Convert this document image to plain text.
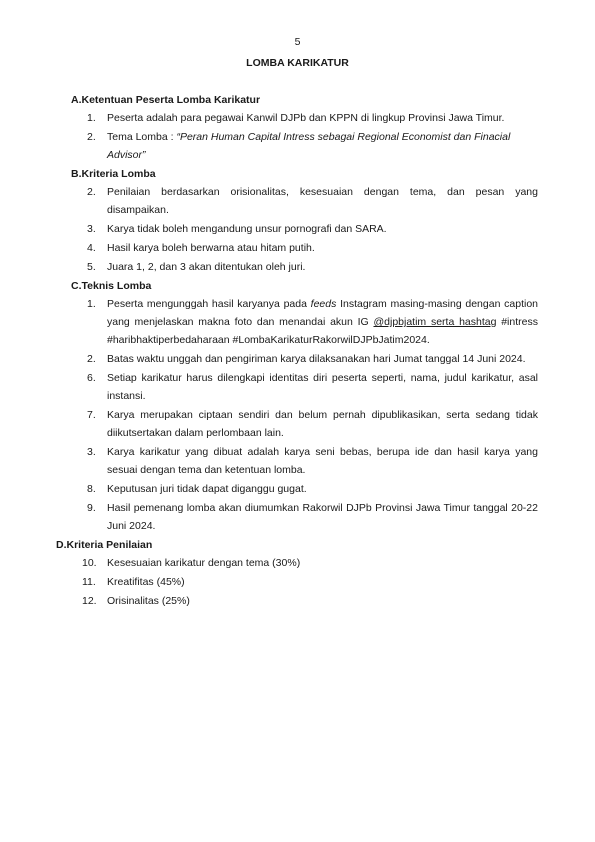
5
LOMBA KARIKATUR
A.Ketentuan Peserta Lomba Karikatur
1. Peserta adalah para pegawai Kanwil DJPb dan KPPN di lingkup Provinsi Jawa Timur.
2. Tema Lomba : “Peran Human Capital Intress sebagai Regional Economist dan Finacial Advisor”
B.Kriteria Lomba
2. Penilaian berdasarkan orisionalitas, kesesuaian dengan tema, dan pesan yang disampaikan.
3. Karya tidak boleh mengandung unsur pornografi dan SARA.
4. Hasil karya boleh berwarna atau hitam putih.
5. Juara 1, 2, dan 3 akan ditentukan oleh juri.
C.Teknis Lomba
1. Peserta mengunggah hasil karyanya pada feeds Instagram masing-masing dengan caption yang menjelaskan makna foto dan menandai akun IG @djpbjatim serta hashtag #intress #haribhaktiperbedaharaan #LombaKarikaturRakorwilDJPbJatim2024.
2. Batas waktu unggah dan pengiriman karya dilaksanakan hari Jumat tanggal 14 Juni 2024.
6. Setiap karikatur harus dilengkapi identitas diri peserta seperti, nama, judul karikatur, asal instansi.
7. Karya merupakan ciptaan sendiri dan belum pernah dipublikasikan, serta sedang tidak diikutsertakan dalam perlombaan lain.
3. Karya karikatur yang dibuat adalah karya seni bebas, berupa ide dan hasil karya yang sesuai dengan tema dan ketentuan lomba.
8. Keputusan juri tidak dapat diganggu gugat.
9. Hasil pemenang lomba akan diumumkan Rakorwil DJPb Provinsi Jawa Timur tanggal 20-22 Juni 2024.
D.Kriteria Penilaian
10. Kesesuaian karikatur dengan tema (30%)
11. Kreatifitas (45%)
12. Orisinalitas (25%)
